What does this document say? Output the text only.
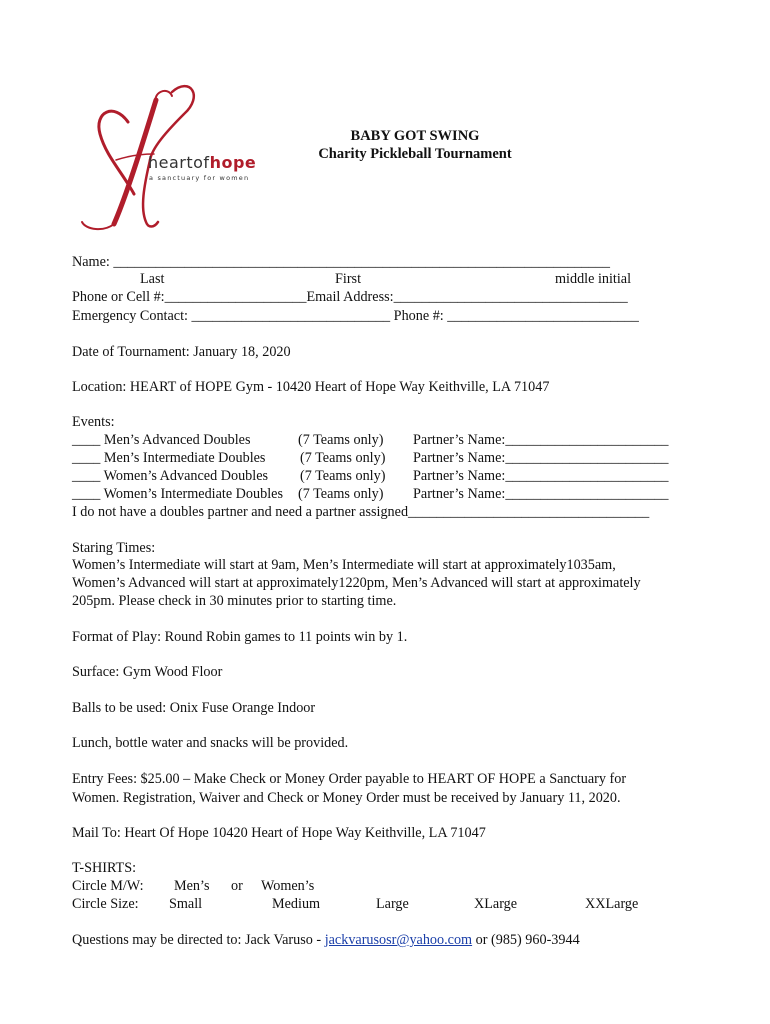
heartofhope
a sanctuary for women
BABY GOT SWING
Charity Pickleball Tournament
Name: ______________________________________________________________________
Last	First	middle initial
Phone or Cell #:____________________Email Address:_________________________________
Emergency Contact: ____________________________ Phone #: ___________________________
Date of Tournament: January 18, 2020
Location: HEART of HOPE Gym - 10420 Heart of Hope Way Keithville, LA 71047
Events:
____ Men’s Advanced Doubles	(7 Teams only) Partner’s Name:_______________________
____ Men’s Intermediate Doubles (7 Teams only) Partner’s Name:_______________________
____ Women’s Advanced Doubles (7 Teams only) Partner’s Name:_______________________
____ Women’s Intermediate Doubles (7 Teams only) Partner’s Name:_______________________
I do not have a doubles partner and need a partner assigned__________________________________
Staring Times:
Women’s Intermediate will start at 9am, Men’s Intermediate will start at approximately1035am,
Women’s Advanced will start at approximately1220pm, Men’s Advanced will start at approximately
205pm. Please check in 30 minutes prior to starting time.
Format of Play: Round Robin games to 11 points win by 1.
Surface: Gym Wood Floor
Balls to be used: Onix Fuse Orange Indoor
Lunch, bottle water and snacks will be provided.
Entry Fees: $25.00 – Make Check or Money Order payable to HEART OF HOPE a Sanctuary for
Women. Registration, Waiver and Check or Money Order must be received by January 11, 2020.
Mail To: Heart Of Hope 10420 Heart of Hope Way Keithville, LA 71047
T-SHIRTS:
Circle M/W: Men’s or Women’s
Circle Size: Small	Medium	Large	XLarge	XXLarge
Questions may be directed to: Jack Varuso - jackvarusosr@yahoo.com or (985) 960-3944
